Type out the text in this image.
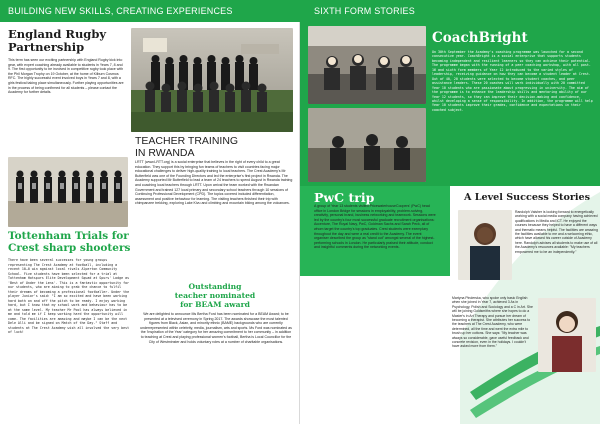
BUILDING NEW SKILLS, CREATING EXPERIENCES	SIXTH FORM STORIES
England Rugby
Partnership

This term has seen our exciting partnership with England Rugby kick into gear, with expert coaching already available to students in Years 7, 8 and 9. The first opportunity to be involved in competitive rugby took place with the Phil Morgan Trophy on 19 October, at the home of Kilburn Cosmos RFC. The highly successful event involved boys in Years 7 and 8, with a girls festival taking place simultaneously. Further playing opportunities are in the process of being confirmed for all students – please contact the Academy for further details.

Tottenham Trials for
Crest sharp shooters

There have been several successes for young groups representing The Crest Academy at football, including a recent 10–0 win against local rivals Alperton Community School. Five students have been selected for a trial at Tottenham Hotspurs Elite Development Squad at Spurs' Lodge as 'Best of Under the Lens'. This is a fantastic opportunity for our students, who are aiming to grab the chance to fulfil their dreams of becoming a professional footballer. Under the player Junior's said: "I am so excited and have been working hard both on and off the pitch to be ready. I enjoy working hard, but I know that my school work and behaviour has to be at the same level. My teacher Mr Pool has always believed in me and told me if I keep working hard the opportunity will come. The facilities are amazing and maybe I can be the next Dele Alli and be signed on Match of the Day." Staff and students at The Crest Academy wish all involved the very best of luck!

TEACHER TRAINING
IN RWANDA

LRTT (www.LRTT.org) is a social enterprise that believes in the right of every child to a great education. They support this by bringing fun teams of teachers to visit countries facing major educational challenges to deliver high-quality training to local teachers. The Crest Academy's Mr Butterfield was one of the Founding Directors and led the enterprise's first project in Rwanda. The Academy supported Mr Butterfield to lead a team of 24 teachers to spend August in Rwanda training and coaching local teachers through LRTT. Upon arrival the team worked with the Rwandan Government and trained 127 local primary and secondary school teachers through 10 sessions of Continuing Professional Development (CPD). The topics covered included differentiation, assessment and positive behaviour for learning. The visiting teachers finished their trip with chimpanzee trekking, exploring Lake Kivu and climbing and mountain biking among the volcanoes.

Outstanding
teacher nominated
for BEAM award

We are delighted to announce Ms Bertha Ford has been nominated for a BEAM Award; to be presented at a televised ceremony in Spring 2017. The awards showcase the most talented figures from Black, Asian, and minority ethnic (BAME) backgrounds who are currently underrepresented within celebrity, media, journalism, arts and sports. Ms Ford was nominated as the 'Inspiration of the Year' category for her amazing commitment to her community – in addition to teaching at Crest and playing professional women's football, Bertha is Local Councillor for the City of Westminster and holds voluntary roles at a number of charitable organisations.

CoachBright

On 30th September the Academy's coaching programme was launched for a second consecutive year. CoachBright is a social enterprise that supports students becoming independent and resilient learners so they can achieve their potential. The programme began with the running of a peer coaching workshop, with all post-16 and sixth form members of Year 12 introduced to the varied styles of leadership, receiving guidance on how they can become a student leader at Crest. Out of 40, 20 students were selected to become student coaches, and peer assistance leaders. These 20 coaches will work individually with 20 committed Year 10 students who are passionate about progressing in university. The aim of the programme is to enhance the leadership skills and mentoring ability of our Year 12 students, so they can improve their decision-making and confidence, whilst developing a sense of responsibility. In addition, the programme will help Year 10 students improve their grades, confidence and expectations in their coached subject.

PwC trip

A group of Year 13 students visited PricewaterhouseCoopers' (PwC) head office in London Bridge for sessions in employability, problem-solving, creativity, personal brand, business networking and teamwork. Sessions were led by the country's four most successful graduate recruitment organisations: Accenture, The Royal Navy, PwC, Goldman Sachs and Sarah Peck, all of whom target the country's top graduates. Crest students were exemplary throughout the day and were a real credit to the Academy. The event organiser described the group as "stand out" amongst several of the highest-performing schools in London. He particularly praised their attitude, conduct and insightful comments during the networking events.

A Level Success Stories

Randolph Vaisher is looking forward to energetically working with a social media company having achieved qualifications in Media and ICT. He enjoyed the courses because they helped to have a different ways and thematic means helpful. The facilities are amazing the facilities available to me and a welcoming ethic, which have allowed his career outside of Academy here. Randolph advises all students to make use of all the Academy's resources available: "My teachers empowered me to be an independently."

Martyna Pinderska, who spoke only basic English when she joined in Year 7, achieved 3 As in Psychology, Polish and Sociology and a C in Art. She will be joining Goldsmiths where she hopes to do a Master's in Art Therapy and pursue her dream of becoming a therapist. She attributes her success to the teachers at The Crest Academy, who were determined, all the time and went the extra mile to brush up her cottons. She says: "My teacher was always so considerable, gave useful feedback and concrete revision, even in the holidays. I couldn't have asked more from them."
